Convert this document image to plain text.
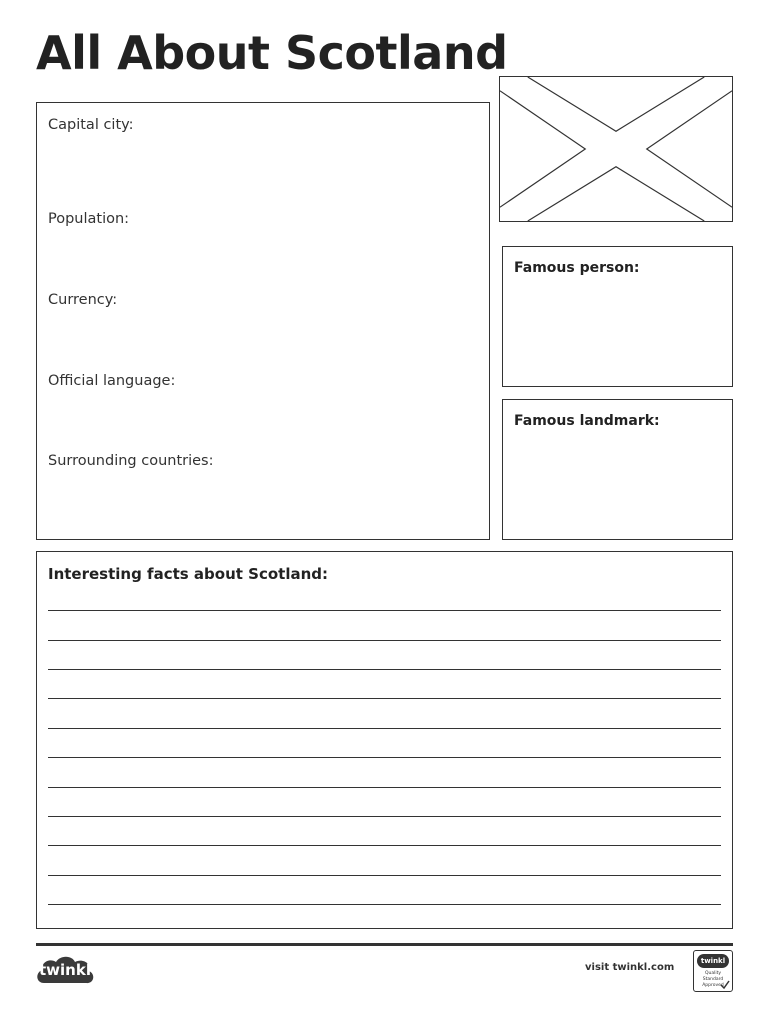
All About Scotland
Capital city:
Population:
Currency:
Official language:
Surrounding countries:
Famous person:
Famous landmark:
Interesting facts about Scotland:
twinkl	visit twinkl.com
twinkl
Quality Standard
Approved
